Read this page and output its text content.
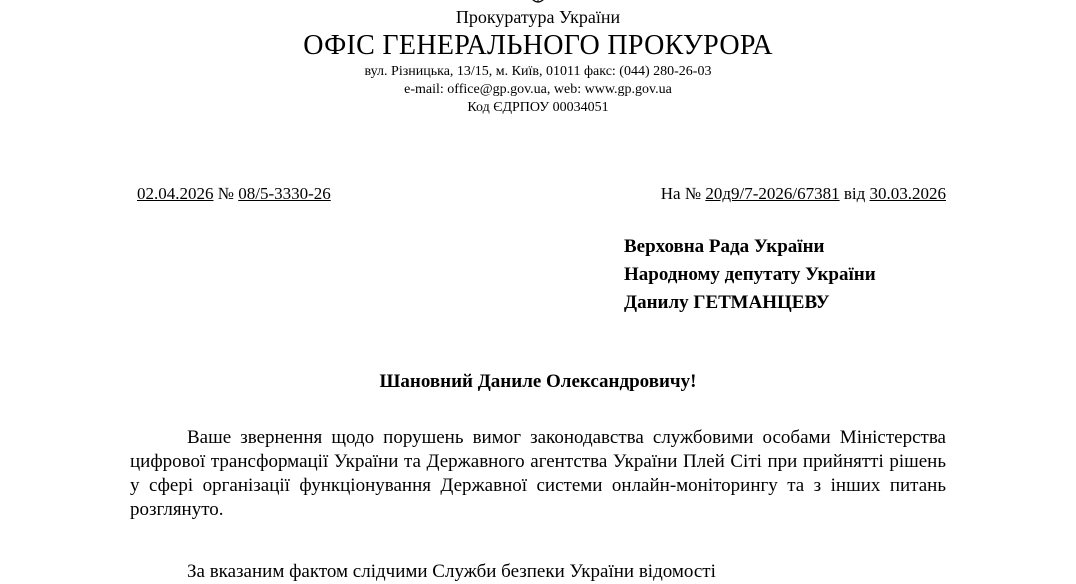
Прокуратура України
ОФІС ГЕНЕРАЛЬНОГО ПРОКУРОРА
вул. Різницька, 13/15, м. Київ, 01011 факс: (044) 280-26-03
e-mail: office@gp.gov.ua, web: www.gp.gov.ua
Код ЄДРПОУ 00034051
02.04.2026 № 08/5-3330-26	На № 20д9/7-2026/67381 від 30.03.2026
Верховна Рада України
Народному депутату України
Данилу ГЕТМАНЦЕВУ
Шановний Даниле Олександровичу!
Ваше звернення щодо порушень вимог законодавства службовими особами Міністерства цифрової трансформації України та Державного агентства України Плей Сіті при прийнятті рішень у сфері організації функціонування Державної системи онлайн-моніторингу та з інших питань розглянуто.
За вказаним фактом слідчими Служби безпеки України відомості
